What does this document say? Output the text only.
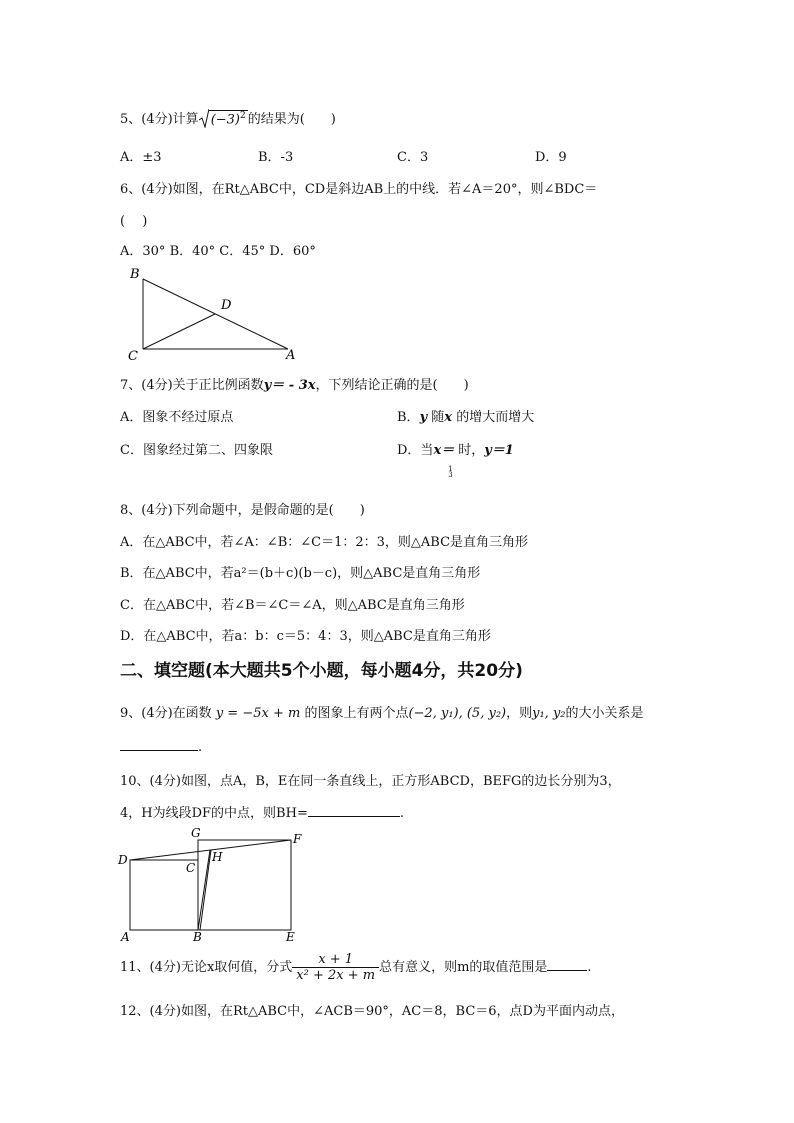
5、(4分)计算 $(-3)^2$ 的结果为(　　)
A．±3	B．-3	C．3	D．9
6、(4分)如图，在Rt△ABC中，CD是斜边AB上的中线．若∠A＝20°，则∠BDC＝
(　 )
A．30° B．40° C．45° D．60°
B
C
D
A
7、(4分)关于正比例函数y＝ - 3x，下列结论正确的是(　　)
A．图象不经过原点	B．y 随x 的增大而增大
C．图象经过第二、四象限	D．当x＝
1
3
时，y＝1
8、(4分)下列命题中，是假命题的是(　　)
A．在△ABC中，若∠A：∠B：∠C＝1：2：3，则△ABC是直角三角形
B．在△ABC中，若a²＝(b＋c)(b－c)，则△ABC是直角三角形
C．在△ABC中，若∠B＝∠C＝∠A，则△ABC是直角三角形
D．在△ABC中，若a：b：c＝5：4：3，则△ABC是直角三角形
二、填空题(本大题共5个小题，每小题4分，共20分)
9、(4分)在函数 y = −5x + m 的图象上有两个点(−2, y₁), (5, y₂)，则y₁, y₂的大小关系是
.
10、(4分)如图，点A，B，E在同一条直线上，正方形ABCD，BEFG的边长分别为3，
4，H为线段DF的中点，则BH=	.
G	F
D	H
C
A	B	E
11、(4分)无论x取何值，分式 $\frac{x + 1}{\text{x² + 2x + m}}$ 总有意义，则m的取值范围是	.
12、(4分)如图，在Rt△ABC中，∠ACB＝90°，AC＝8，BC＝6，点D为平面内动点，
